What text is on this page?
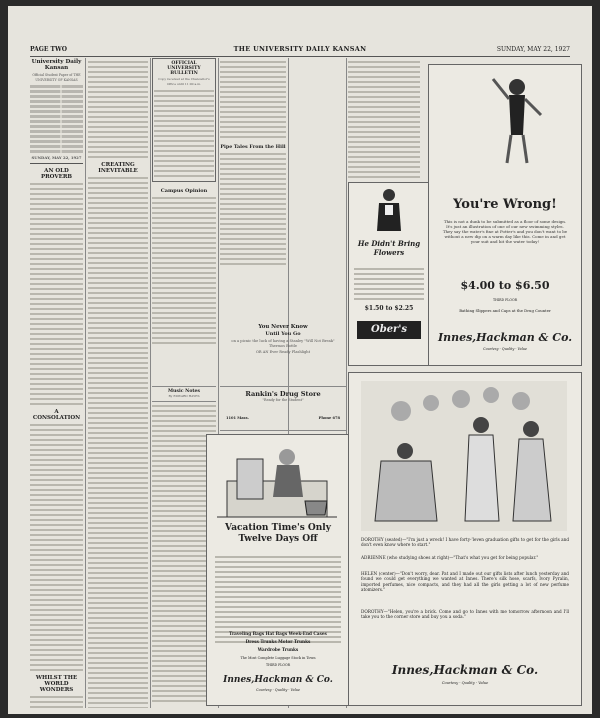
PAGE TWO	THE UNIVERSITY DAILY KANSAN	SUNDAY, MAY 22, 1927
University Daily Kansan
Official Student Paper of THE UNIVERSITY OF KANSAS
SUNDAY, MAY 22, 1927
AN OLD PROVERB
A CONSOLATION
WHILST THE WORLD WONDERS
CREATING INEVITABLE
OFFICIAL UNIVERSITY BULLETIN
Copy received at the Chancellor's Office until 11:00 a.m.
Campus Opinion
Pipe Tales From the Hill
Music Notes
By EDWARD HAYES
You Never Know
Until You Go
on a picnic the luck of having a Stanley "Will Not Break" Thermos Bottle
OR AN Ever Ready Flashlight
Rankin's Drug Store
"Ready for the Student"
1101 Mass.	Phone 678
Vacation Time's Only Twelve Days Off
Traveling Bags Hat Bags Week-End Cases
Dress Trunks Motor Trunks
Wardrobe Trunks
The Most Complete Luggage Stock in Town
THIRD FLOOR
Innes,Hackman & Co.
Courtesy - Quality - Value
He Didn't Bring Flowers
$1.50 to $2.25
Ober's
You're Wrong!
This is not a dunk to be submitted as a floor of some design. It's just an illustration of one of our new swimming styles. They say the water's fine at Potter's and you don't want to be without a new dip on a warm day like this. Come in and get your suit and hit the water today!
$4.00 to $6.50
THIRD FLOOR
Bathing Slippers and Caps at the Drug Counter
Innes,Hackman & Co.
Courtesy - Quality - Value
DOROTHY (seated)—"I'm just a wreck! I have forty-'leven graduation gifts to get for the girls and don't even know where to start."
ADRIENNE (who studying shoes at right)—"That's what you get for being popular."
HELEN (center)—"Don't worry, dear. Pat and I made out our gifts lists after lunch yesterday and found we could get everything we wanted at Innes. There's silk hose, scarfs, Ivory Pyralin, imported perfumes, nice compacts, and they had all the girls getting a lot of new perfume atomizers."
DOROTHY—"Helen, you're a brick. Come and go to Innes with me tomorrow afternoon and I'll take you to the corner store and buy you a soda."
Innes,Hackman & Co.
Courtesy - Quality - Value
